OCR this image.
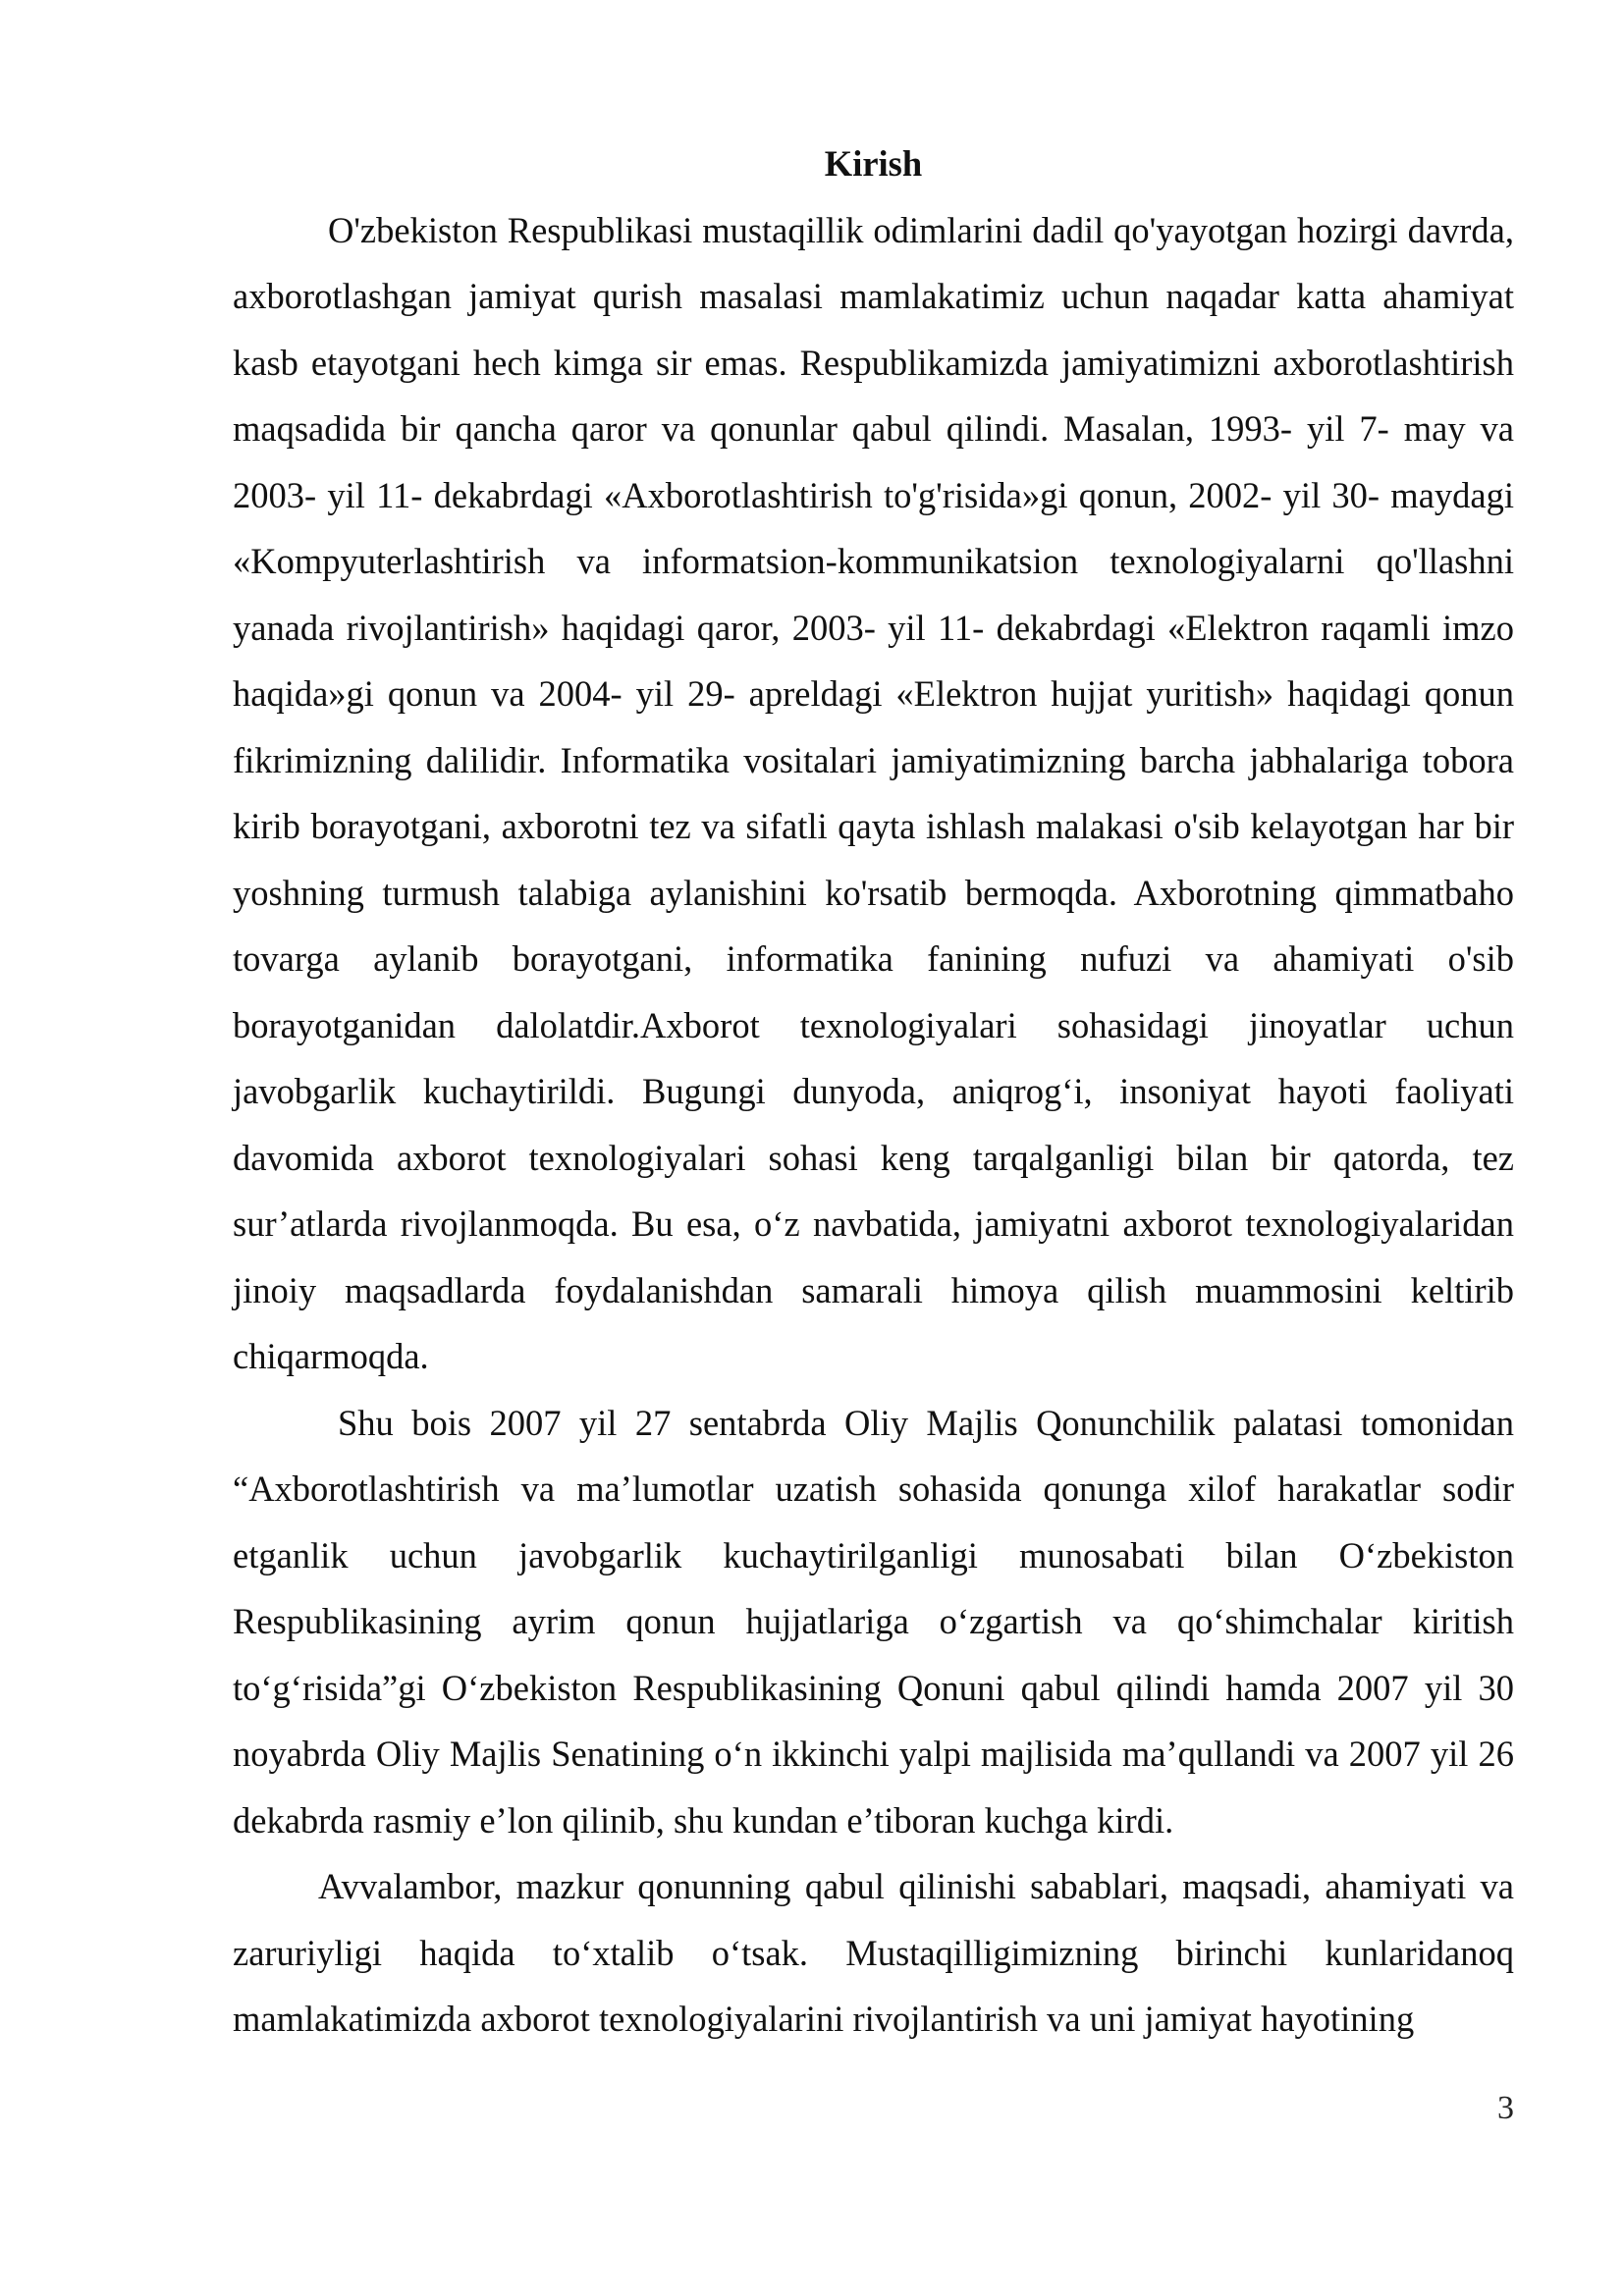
Kirish

O'zbekiston Respublikasi mustaqillik odimlarini dadil qo'yayotgan hozirgi davrda, axborotlashgan jamiyat qurish masalasi mamlakatimiz uchun naqadar katta ahamiyat kasb etayotgani hech kimga sir emas. Respublikamizda jamiyatimizni axborotlashtirish maqsadida bir qancha qaror va qonunlar qabul qilindi. Masalan, 1993- yil 7- may va 2003- yil 11- dekabrdagi «Axborotlashtirish to'g'risida»gi qonun, 2002- yil 30- maydagi «Kompyuterlashtirish va informatsion-kommunikatsion texnologiyalarni qo'llashni yanada rivojlantirish» haqidagi qaror, 2003- yil 11- dekabrdagi «Elektron raqamli imzo haqida»gi qonun va 2004- yil 29- apreldagi «Elektron hujjat yuritish» haqidagi qonun fikrimizning dalilidir. Informatika vositalari jamiyatimizning barcha jabhalariga tobora kirib borayotgani, axborotni tez va sifatli qayta ishlash malakasi o'sib kelayotgan har bir yoshning turmush talabiga aylanishini ko'rsatib bermoqda. Axborotning qimmatbaho tovarga aylanib borayotgani, informatika fanining nufuzi va ahamiyati o'sib borayotganidan dalolatdir.Axborot texnologiyalari sohasidagi jinoyatlar uchun javobgarlik kuchaytirildi. Bugungi dunyoda, aniqrog‘i, insoniyat hayoti faoliyati davomida axborot texnologiyalari sohasi keng tarqalganligi bilan bir qatorda, tez sur’atlarda rivojlanmoqda. Bu esa, o‘z navbatida, jamiyatni axborot texnologiyalaridan jinoiy maqsadlarda foydalanishdan samarali himoya qilish muammosini keltirib chiqarmoqda.

Shu bois 2007 yil 27 sentabrda Oliy Majlis Qonunchilik palatasi tomonidan “Axborotlashtirish va ma’lumotlar uzatish sohasida qonunga xilof harakatlar sodir etganlik uchun javobgarlik kuchaytirilganligi munosabati bilan O‘zbekiston Respublikasining ayrim qonun hujjatlariga o‘zgartish va qo‘shimchalar kiritish to‘g‘risida”gi O‘zbekiston Respublikasining Qonuni qabul qilindi hamda 2007 yil 30 noyabrda Oliy Majlis Senatining o‘n ikkinchi yalpi majlisida ma’qullandi va 2007 yil 26 dekabrda rasmiy e’lon qilinib, shu kundan e’tiboran kuchga kirdi.

Avvalambor, mazkur qonunning qabul qilinishi sabablari, maqsadi, ahamiyati va zaruriyligi haqida to‘xtalib o‘tsak. Mustaqilligimizning birinchi kunlaridanoq mamlakatimizda axborot texnologiyalarini rivojlantirish va uni jamiyat hayotining

3
